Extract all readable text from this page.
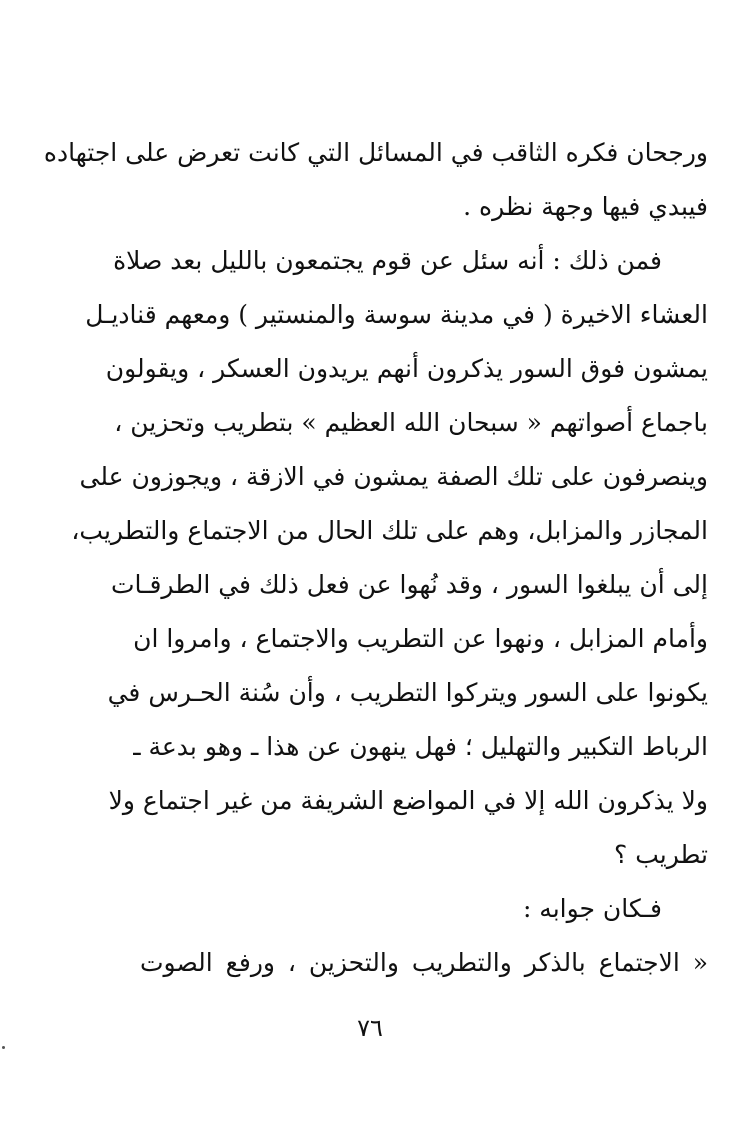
ورجحان فكره الثاقب في المسائل التي كانت تعرض على اجتهاده
فيبدي فيها وجهة نظره .
فمن ذلك : أنه سئل عن قوم يجتمعون بالليل بعد صلاة
العشاء الاخيرة ( في مدينة سوسة والمنستير ) ومعهم قناديـل
يمشون فوق السور يذكرون أنهم يريدون العسكر ، ويقولون
باجماع أصواتهم « سبحان الله العظيم » بتطريب وتحزين ،
وينصرفون على تلك الصفة يمشون في الازقة ، ويجوزون على
المجازر والمزابل، وهم على تلك الحال من الاجتماع والتطريب،
إلى أن يبلغوا السور ، وقد نُهوا عن فعل ذلك في الطرقـات
وأمام المزابل ، ونهوا عن التطريب والاجتماع ، وامروا ان
يكونوا على السور ويتركوا التطريب ، وأن سُنة الحـرس في
الرباط التكبير والتهليل ؛ فهل ينهون عن هذا ـ وهو بدعة ـ
ولا يذكرون الله إلا في المواضع الشريفة من غير اجتماع ولا
تطريب ؟
فـكان جوابه :
« الاجتماع بالذكر والتطريب والتحزين ، ورفع الصوت
٧٦
